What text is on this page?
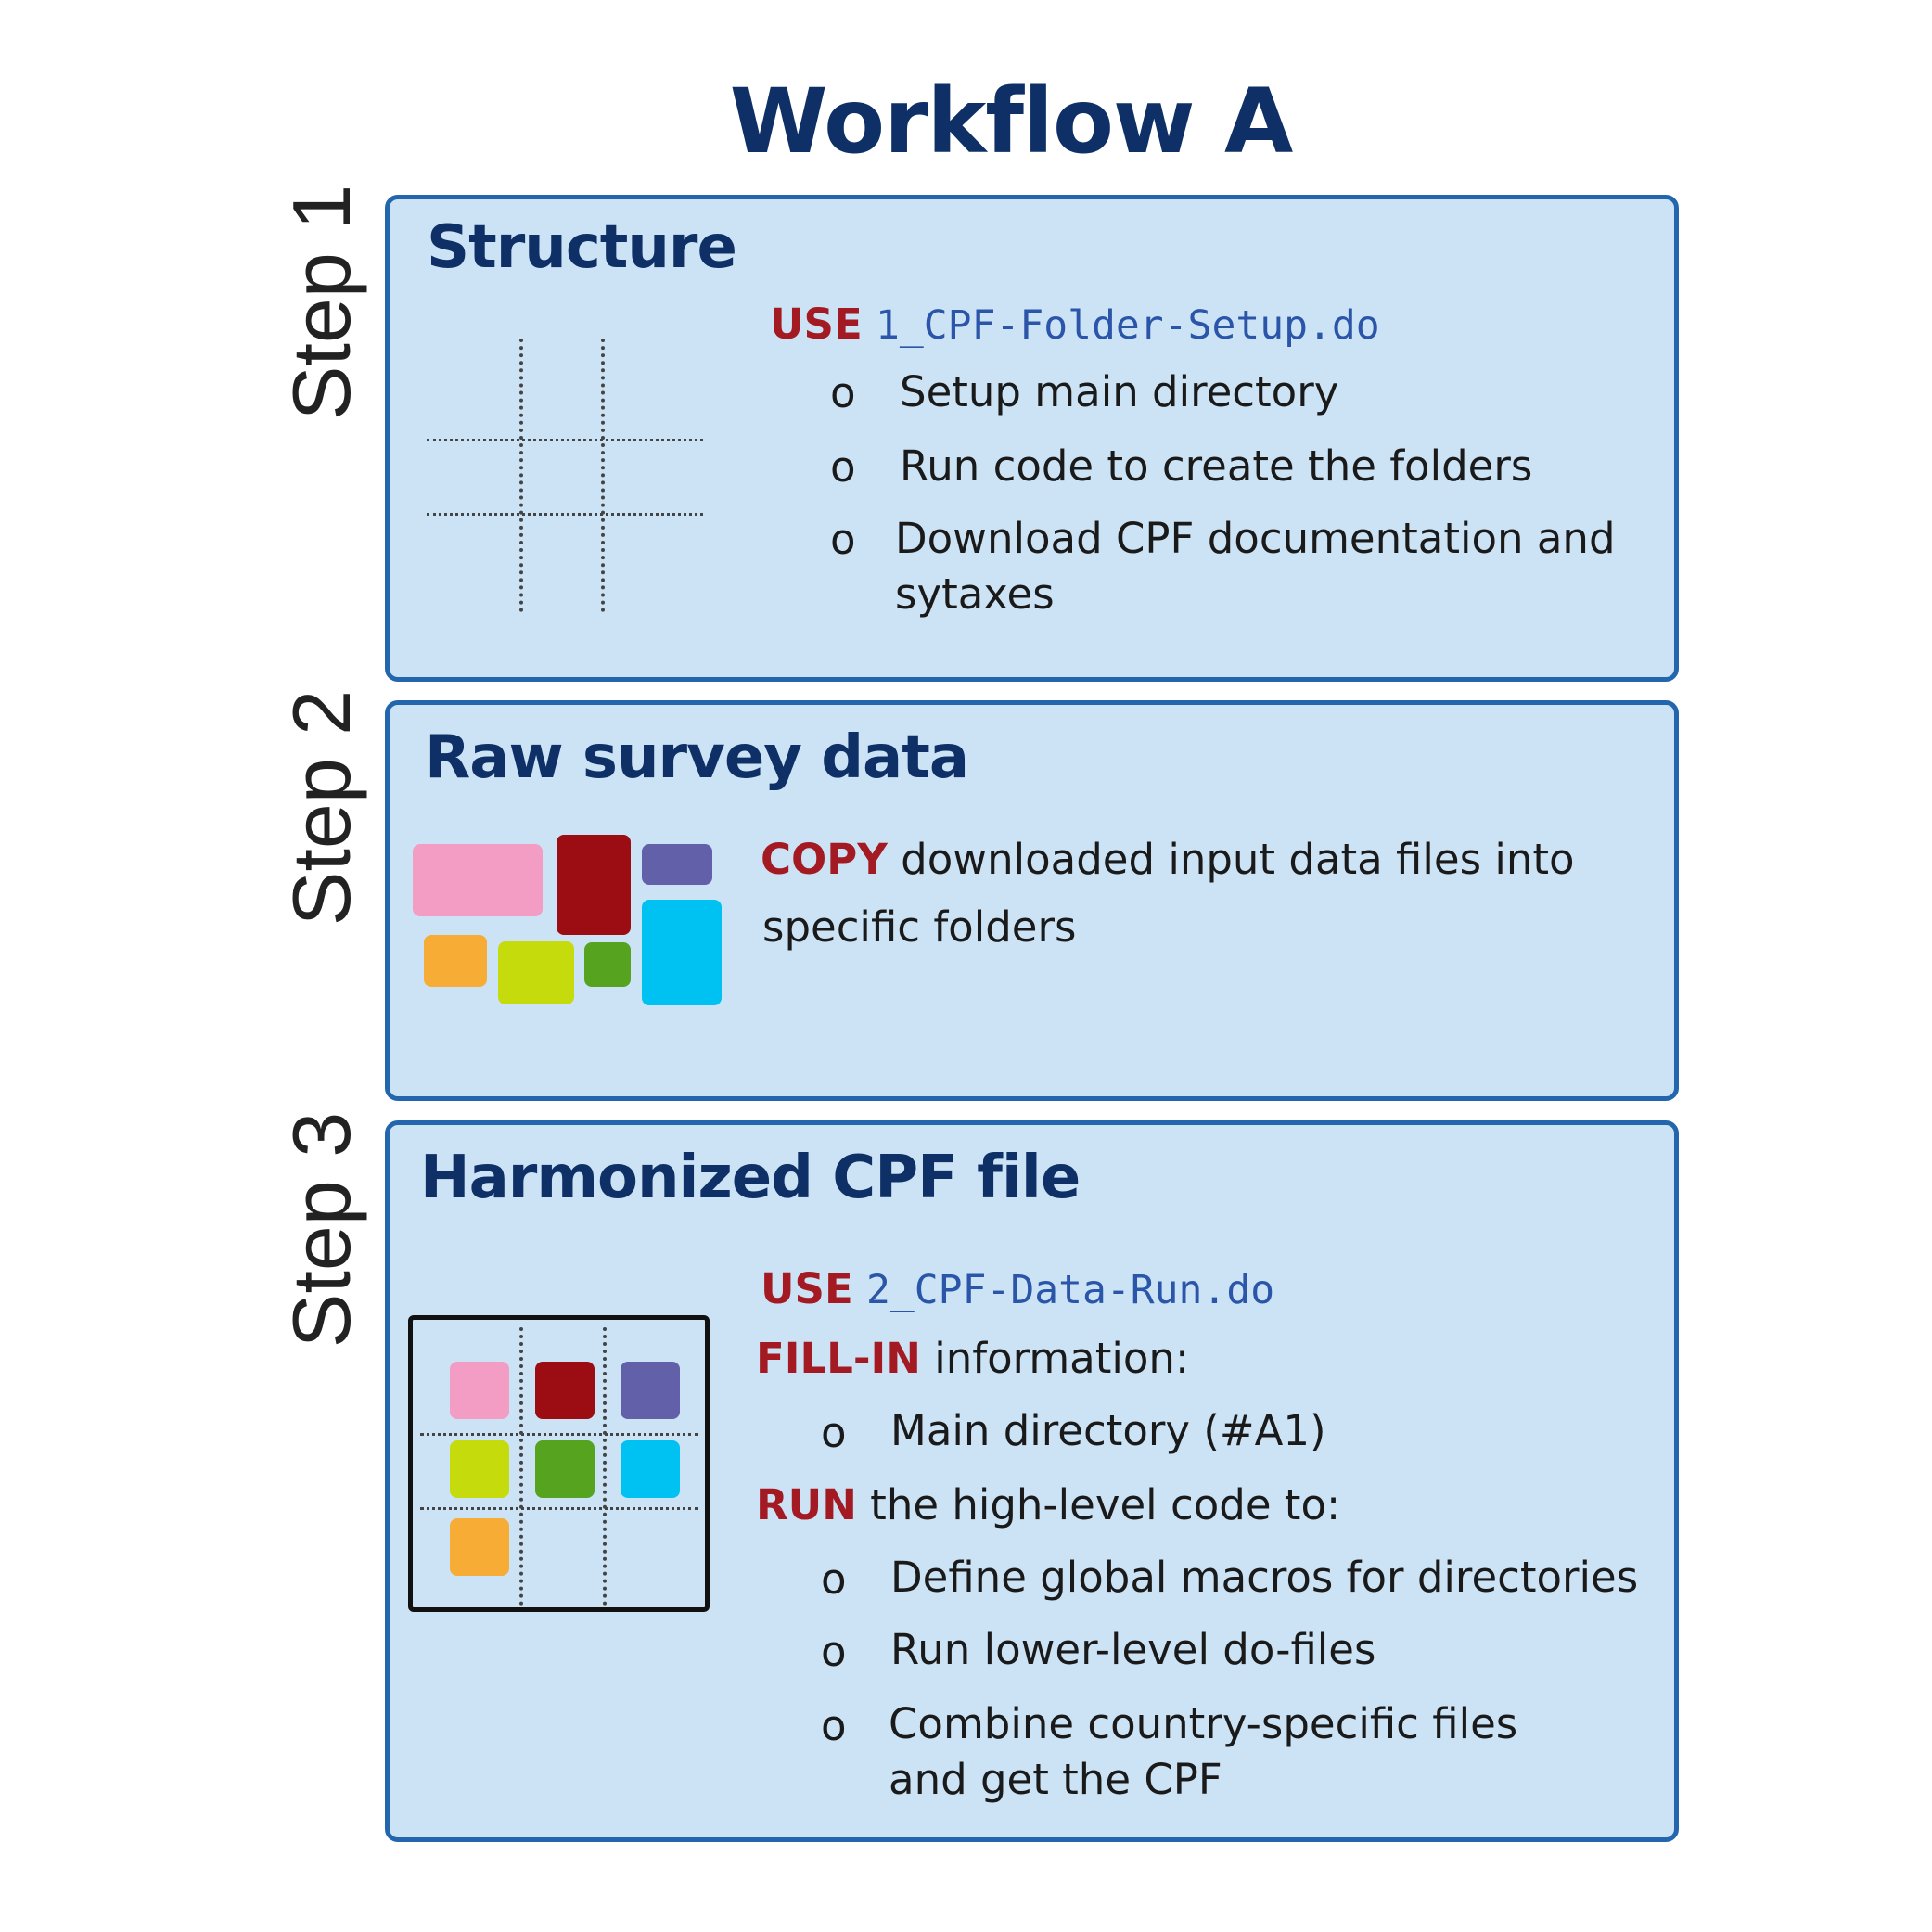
Workflow A
Step 1
Step 2
Step 3
Structure
USE 1_CPF-Folder-Setup.do
o Setup main directory
o Run code to create the folders
o Download CPF documentation and sytaxes
Raw survey data
COPY downloaded input data files into
specific folders
Harmonized CPF file
USE 2_CPF-Data-Run.do
FILL-IN information:
o Main directory (#A1)
RUN the high-level code to:
o Define global macros for directories
o Run lower-level do-files
o Combine country-specific files and get the CPF
